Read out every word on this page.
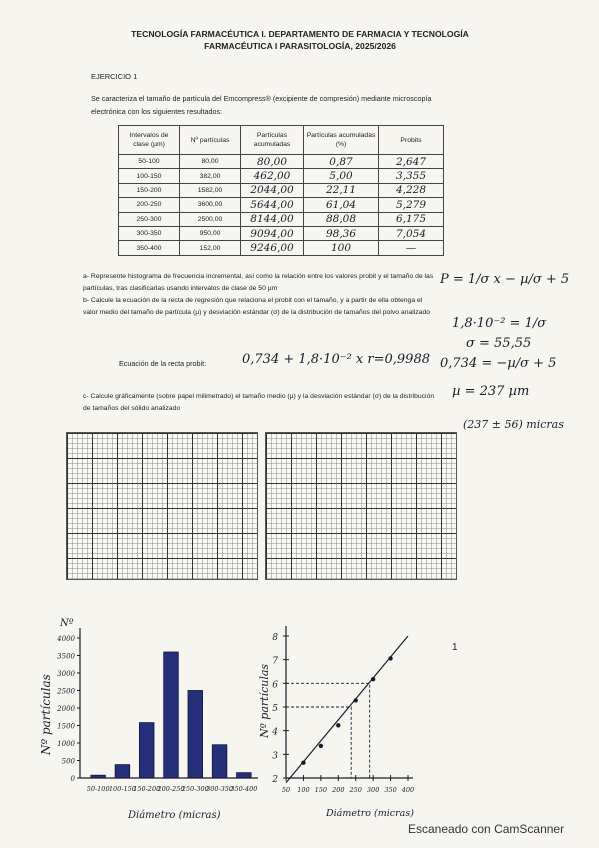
TECNOLOGÍA FARMACÉUTICA I. DEPARTAMENTO DE FARMACIA Y TECNOLOGÍA
FARMACÉUTICA I PARASITOLOGÍA, 2025/2026
EJERCICIO 1
Se caracteriza el tamaño de partícula del Emcompress® (excipiente de compresión) mediante microscopía electrónica con los siguientes resultados:
Intervalos de clase (µm)	Nº partículas	Partículas acumuladas	Partículas acumuladas (%)	Probits
50-100	80,00	80,00	0,87	2,647
100-150	382,00	462,00	5,00	3,355
150-200	1582,00	2044,00	22,11	4,228
200-250	3600,00	5644,00	61,04	5,279
250-300	2500,00	8144,00	88,08	6,175
300-350	950,00	9094,00	98,36	7,054
350-400	152,00	9246,00	100	—
a- Represente histograma de frecuencia incremental, así como la relación entre los valores probit y el tamaño de las partículas, tras clasificarlas usando intervalos de clase de 50 µm
b- Calcule la ecuación de la recta de regresión que relaciona el probit con el tamaño, y a partir de ella obtenga el valor medio del tamaño de partícula (µ) y desviación estándar (σ) de la distribución de tamaños del polvo analizado
Ecuación de la recta probit:	0,734 + 1,8·10⁻² x r=0,9988
c- Calcule gráficamente (sobre papel milimetrado) el tamaño medio (µ) y la desviación estándar (σ) de la distribución de tamaños del sólido analizado
P = 1/σ x − µ/σ + 5
1,8·10⁻² = 1/σ
σ = 55,55
0,734 = −µ/σ + 5
µ = 237 µm
(237 ± 56) micras
Nº
Nº partículas
Diámetro (micras)
4000
3500
3000
2500
2000
1500
1000
500
0
50-100 100-150
150-200
200-250
250-300
300-350
350-400
Nº partículas
Diámetro (micras)
2
3
4
5
6
7
8
50 100 150 200 250 300 350 400
1
Escaneado con CamScanner
